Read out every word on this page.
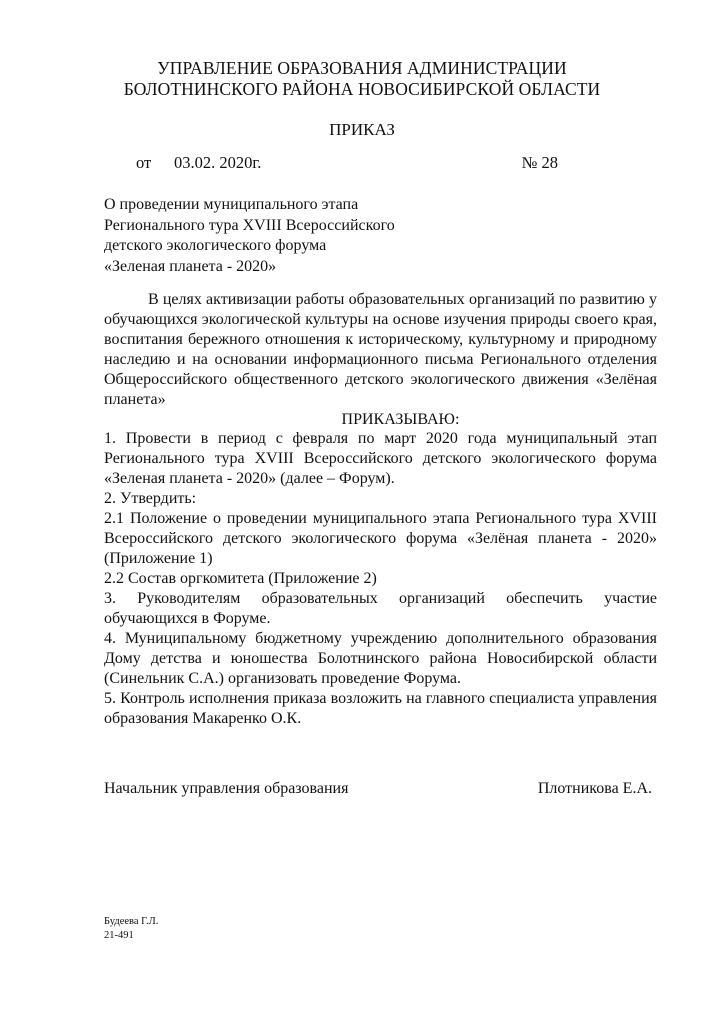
УПРАВЛЕНИЕ ОБРАЗОВАНИЯ АДМИНИСТРАЦИИ
БОЛОТНИНСКОГО РАЙОНА НОВОСИБИРСКОЙ ОБЛАСТИ
ПРИКАЗ
от 03.02. 2020г.	№ 28
О проведении муниципального этапа
Регионального тура XVIII Всероссийского
детского экологического форума
«Зеленая планета - 2020»

В целях активизации работы образовательных организаций по развитию у обучающихся экологической культуры на основе изучения природы своего края, воспитания бережного отношения к историческому, культурному и природному наследию и на основании информационного письма Регионального отделения Общероссийского общественного детского экологического движения «Зелёная планета»

ПРИКАЗЫВАЮ:

1. Провести в период с февраля по март 2020 года муниципальный этап Регионального тура XVIII Всероссийского детского экологического форума «Зеленая планета - 2020» (далее – Форум).

2. Утвердить:

2.1 Положение о проведении муниципального этапа Регионального тура XVIII Всероссийского детского экологического форума «Зелёная планета - 2020» (Приложение 1)

2.2 Состав оргкомитета (Приложение 2)

3. Руководителям образовательных организаций обеспечить участие обучающихся в Форуме.

4. Муниципальному бюджетному учреждению дополнительного образования Дому детства и юношества Болотнинского района Новосибирской области (Синельник С.А.) организовать проведение Форума.

5. Контроль исполнения приказа возложить на главного специалиста управления образования Макаренко О.К.

Начальник управления образования	Плотникова Е.А.
Будеева Г.Л.
21-491
